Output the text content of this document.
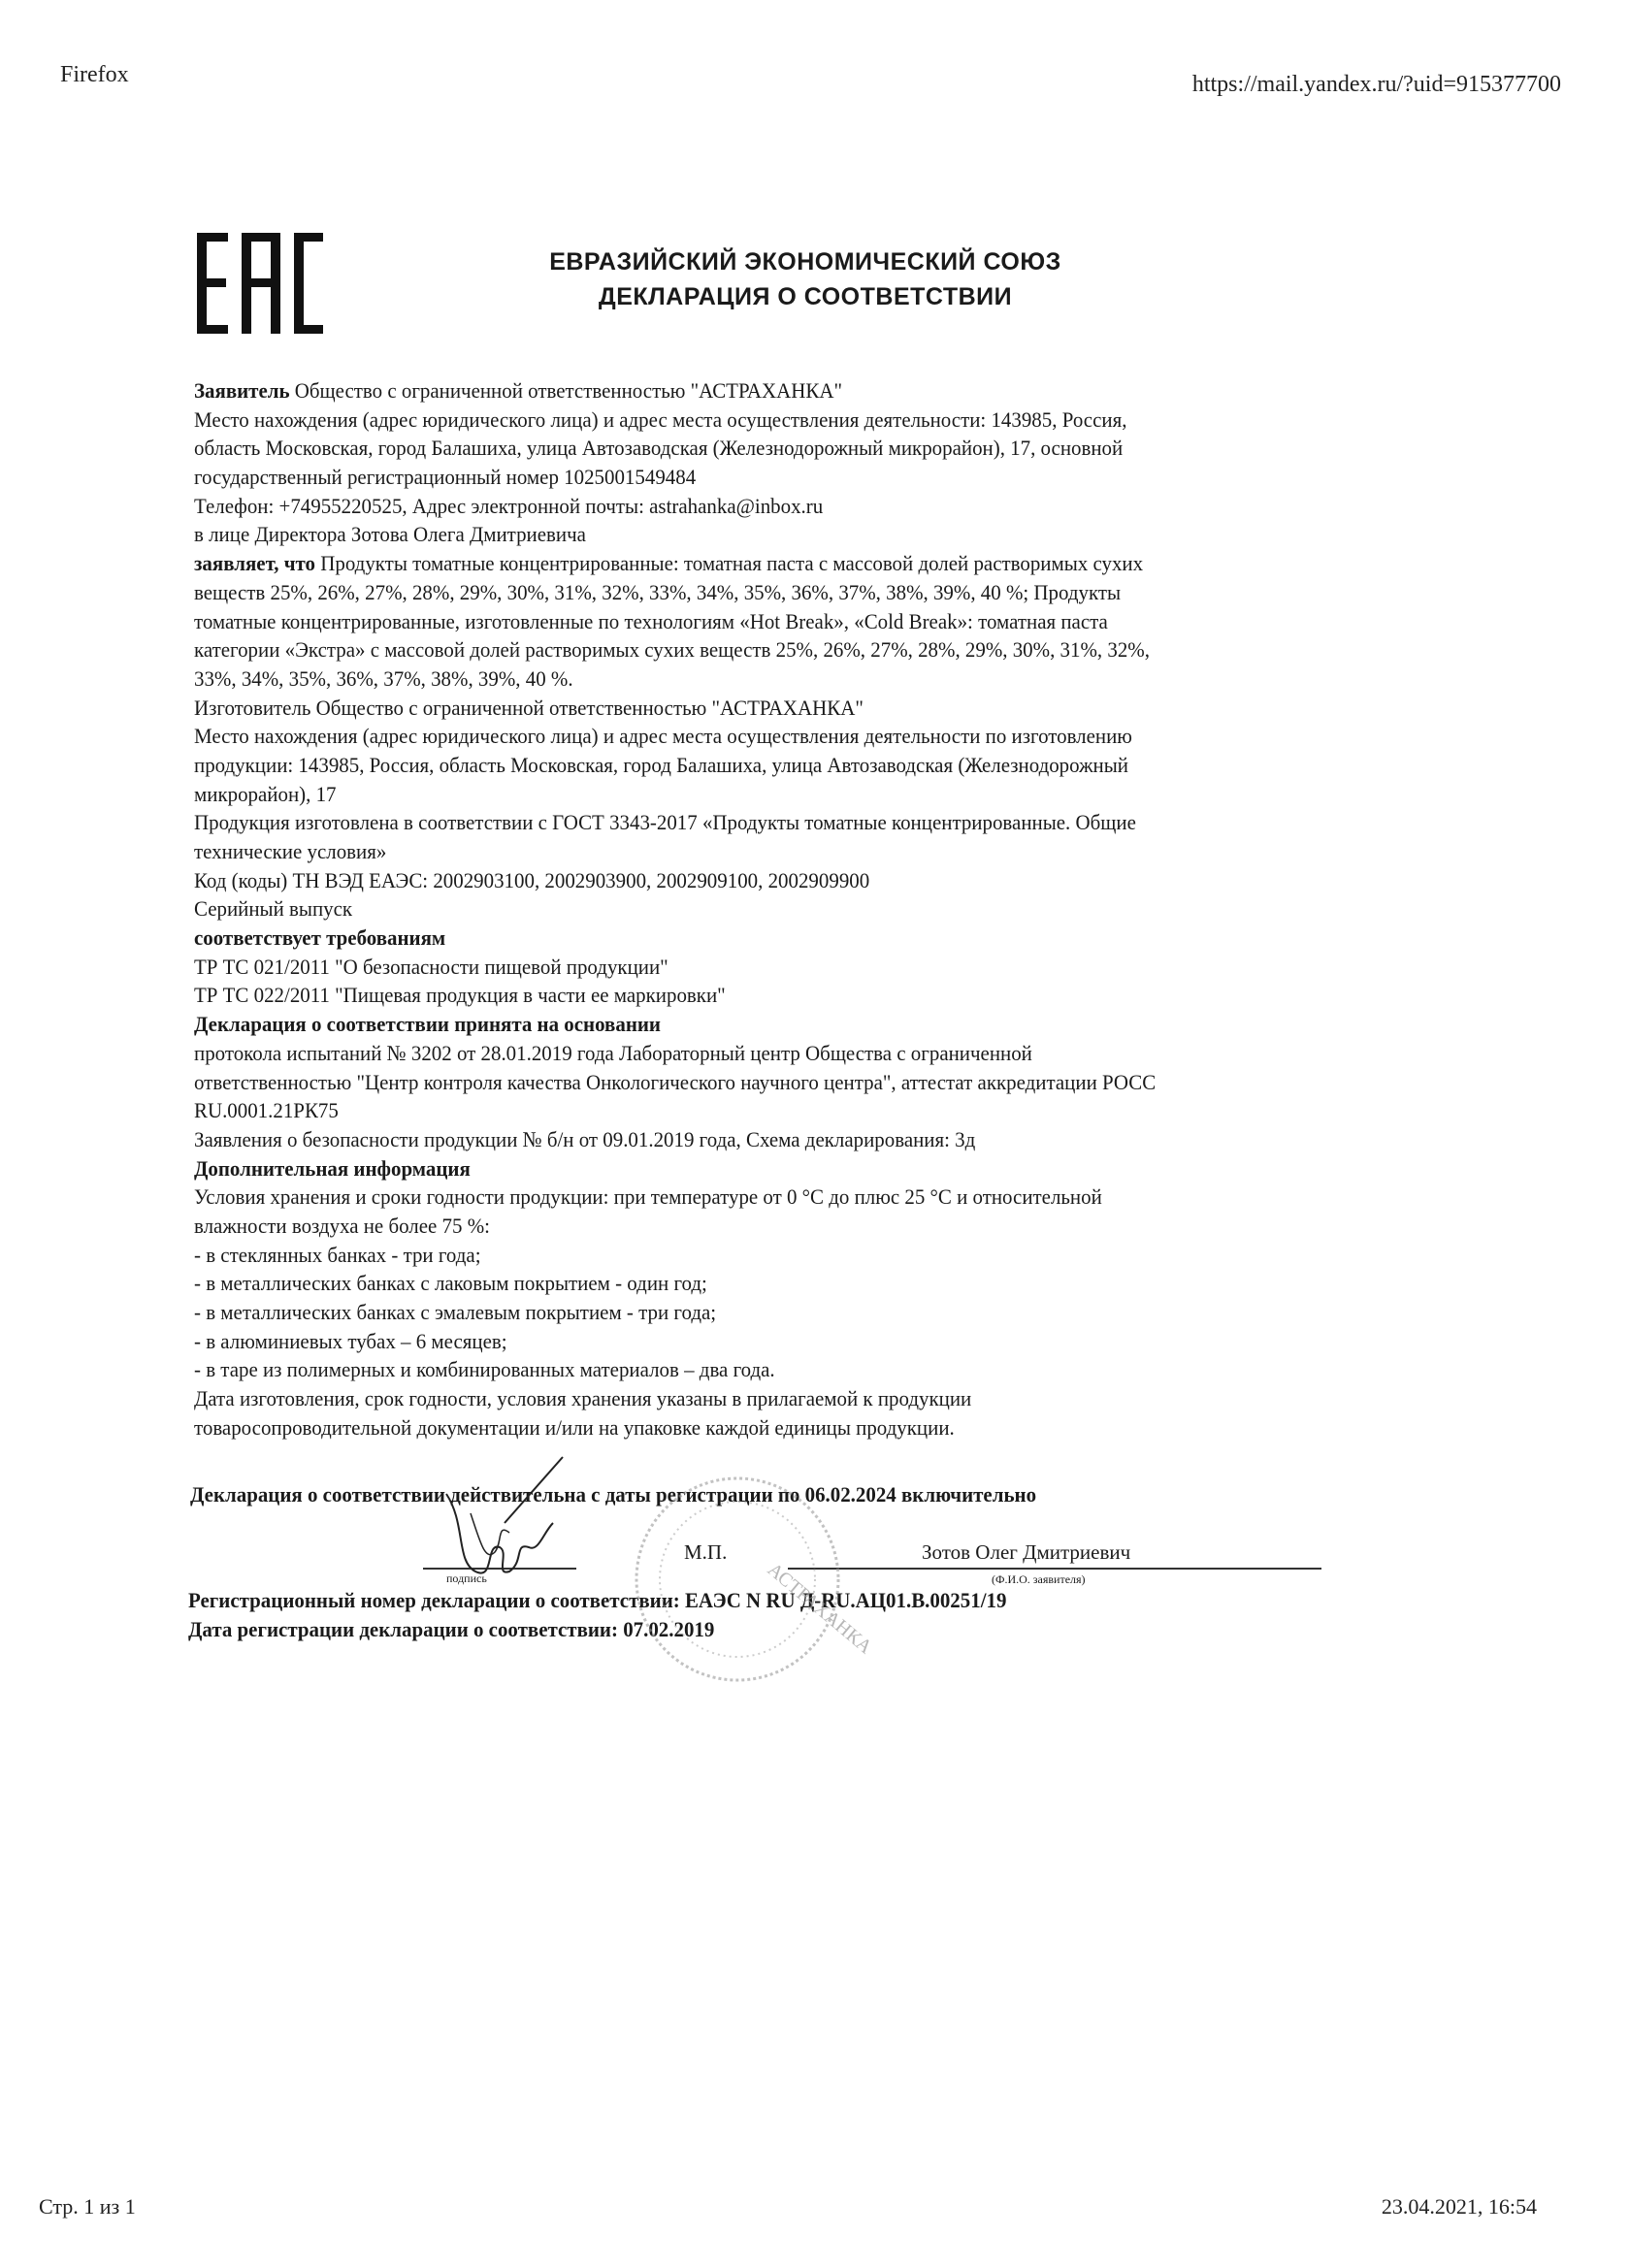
Firefox	https://mail.yandex.ru/?uid=915377700
ЕВРАЗИЙСКИЙ ЭКОНОМИЧЕСКИЙ СОЮЗ
ДЕКЛАРАЦИЯ О СООТВЕТСТВИИ
Заявитель Общество с ограниченной ответственностью "АСТРАХАНКА"
Место нахождения (адрес юридического лица) и адрес места осуществления деятельности: 143985, Россия,
область Московская, город Балашиха, улица Автозаводская (Железнодорожный микрорайон), 17, основной
государственный регистрационный номер 1025001549484
Телефон: +74955220525, Адрес электронной почты: astrahanka@inbox.ru
в лице Директора Зотова Олега Дмитриевича
заявляет, что Продукты томатные концентрированные: томатная паста с массовой долей растворимых сухих
веществ 25%, 26%, 27%, 28%, 29%, 30%, 31%, 32%, 33%, 34%, 35%, 36%, 37%, 38%, 39%, 40 %; Продукты
томатные концентрированные, изготовленные по технологиям «Hot Break», «Cold Break»: томатная паста
категории «Экстра» с массовой долей растворимых сухих веществ 25%, 26%, 27%, 28%, 29%, 30%, 31%, 32%,
33%, 34%, 35%, 36%, 37%, 38%, 39%, 40 %.
Изготовитель Общество с ограниченной ответственностью "АСТРАХАНКА"
Место нахождения (адрес юридического лица) и адрес места осуществления деятельности по изготовлению
продукции: 143985, Россия, область Московская, город Балашиха, улица Автозаводская (Железнодорожный
микрорайон), 17
Продукция изготовлена в соответствии с ГОСТ 3343-2017 «Продукты томатные концентрированные. Общие
технические условия»
Код (коды) ТН ВЭД ЕАЭС: 2002903100, 2002903900, 2002909100, 2002909900
Серийный выпуск
соответствует требованиям
ТР ТС 021/2011 "О безопасности пищевой продукции"
ТР ТС 022/2011 "Пищевая продукция в части ее маркировки"
Декларация о соответствии принята на основании
протокола испытаний № 3202 от 28.01.2019 года Лабораторный центр Общества с ограниченной
ответственностью "Центр контроля качества Онкологического научного центра", аттестат аккредитации РОСС
RU.0001.21РК75
Заявления о безопасности продукции № б/н от 09.01.2019 года, Схема декларирования: 3д
Дополнительная информация
Условия хранения и сроки годности продукции: при температуре от 0 °С до плюс 25 °С и относительной
влажности воздуха не более 75 %:
- в стеклянных банках - три года;
- в металлических банках с лаковым покрытием - один год;
- в металлических банках с эмалевым покрытием - три года;
- в алюминиевых тубах – 6 месяцев;
- в таре из полимерных и комбинированных материалов – два года.
Дата изготовления, срок годности, условия хранения указаны в прилагаемой к продукции
товаросопроводительной документации и/или на упаковке каждой единицы продукции.
Декларация о соответствии действительна с даты регистрации по 06.02.2024 включительно
подпись
М.П.	Зотов Олег Дмитриевич
(Ф.И.О. заявителя)
Регистрационный номер декларации о соответствии: ЕАЭС N RU Д-RU.АЦ01.В.00251/19
Дата регистрации декларации о соответствии: 07.02.2019	АСТРАХАНКА
Стр. 1 из 1	23.04.2021, 16:54
